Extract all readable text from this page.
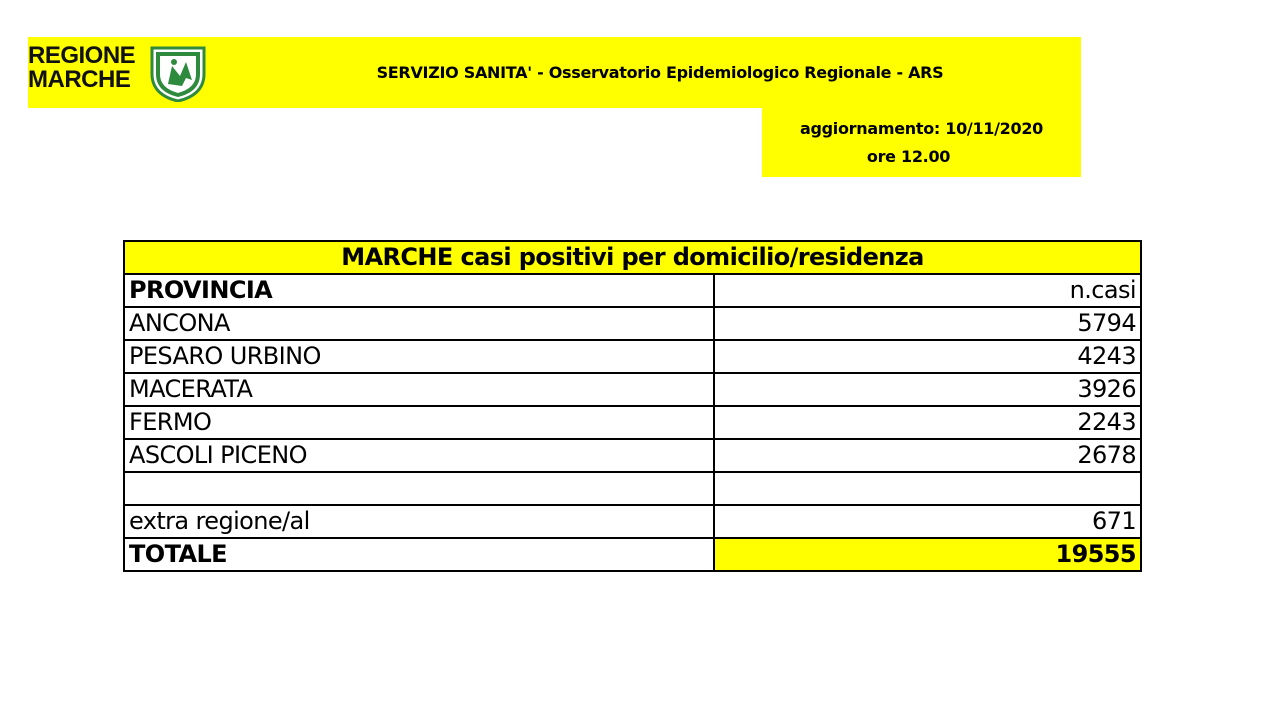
REGIONE
MARCHE	SERVIZIO SANITA' - Osservatorio Epidemiologico Regionale - ARS
aggiornamento: 10/11/2020
ore 12.00
MARCHE casi positivi per domicilio/residenza	
PROVINCIA	n.casi
ANCONA	5794
PESARO URBINO	4243
MACERATA	3926
FERMO	2243
ASCOLI PICENO	2678

extra regione/al	671
TOTALE	19555
